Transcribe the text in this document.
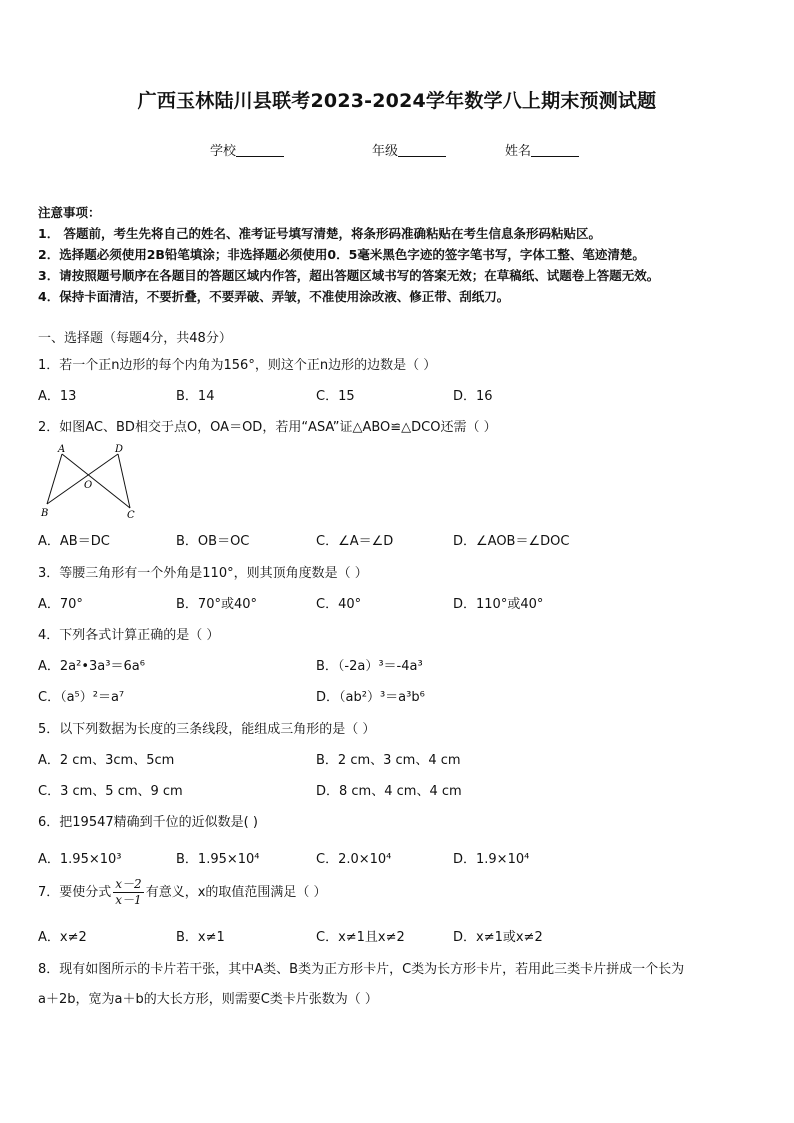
广西玉林陆川县联考2023-2024学年数学八上期末预测试题
学校	年级	姓名
注意事项：
1． 答题前，考生先将自己的姓名、准考证号填写清楚，将条形码准确粘贴在考生信息条形码粘贴区。
2．选择题必须使用2B铅笔填涂；非选择题必须使用0．5毫米黑色字迹的签字笔书写，字体工整、笔迹清楚。
3．请按照题号顺序在各题目的答题区域内作答，超出答题区域书写的答案无效；在草稿纸、试题卷上答题无效。
4．保持卡面清洁，不要折叠，不要弄破、弄皱，不准使用涂改液、修正带、刮纸刀。
一、选择题（每题4分，共48分）
1．若一个正n边形的每个内角为156°，则这个正n边形的边数是（ ）
A．13	B．14	C．15	D．16
2．如图AC、BD相交于点O，OA＝OD，若用“ASA”证△ABO≌△DCO还需（ ）
A	D
O
B	C
A．AB＝DC	B．OB＝OC	C．∠A＝∠D	D．∠AOB＝∠DOC
3．等腰三角形有一个外角是110°，则其顶角度数是（ ）
A．70°	B．70°或40°	C．40°	D．110°或40°
4．下列各式计算正确的是（ ）
A．2a²•3a³＝6a⁶	B．（-2a）³＝-4a³
C．（a⁵）²＝a⁷	D．（ab²）³＝a³b⁶
5．以下列数据为长度的三条线段，能组成三角形的是（ ）
A．2 cm、3cm、5cm	B．2 cm、3 cm、4 cm
C．3 cm、5 cm、9 cm	D．8 cm、4 cm、4 cm
6．把19547精确到千位的近似数是( )
A．1.95×10³	B．1.95×10⁴	C．2.0×10⁴	D．1.9×10⁴
7．要使分式 $\frac{x-2}{x-1}$ 有意义，x的取值范围满足（ ）
A．x≠2	B．x≠1	C．x≠1且x≠2	D．x≠1或x≠2
8．现有如图所示的卡片若干张，其中A类、B类为正方形卡片，C类为长方形卡片，若用此三类卡片拼成一个长为
a＋2b，宽为a＋b的大长方形，则需要C类卡片张数为（ ）
